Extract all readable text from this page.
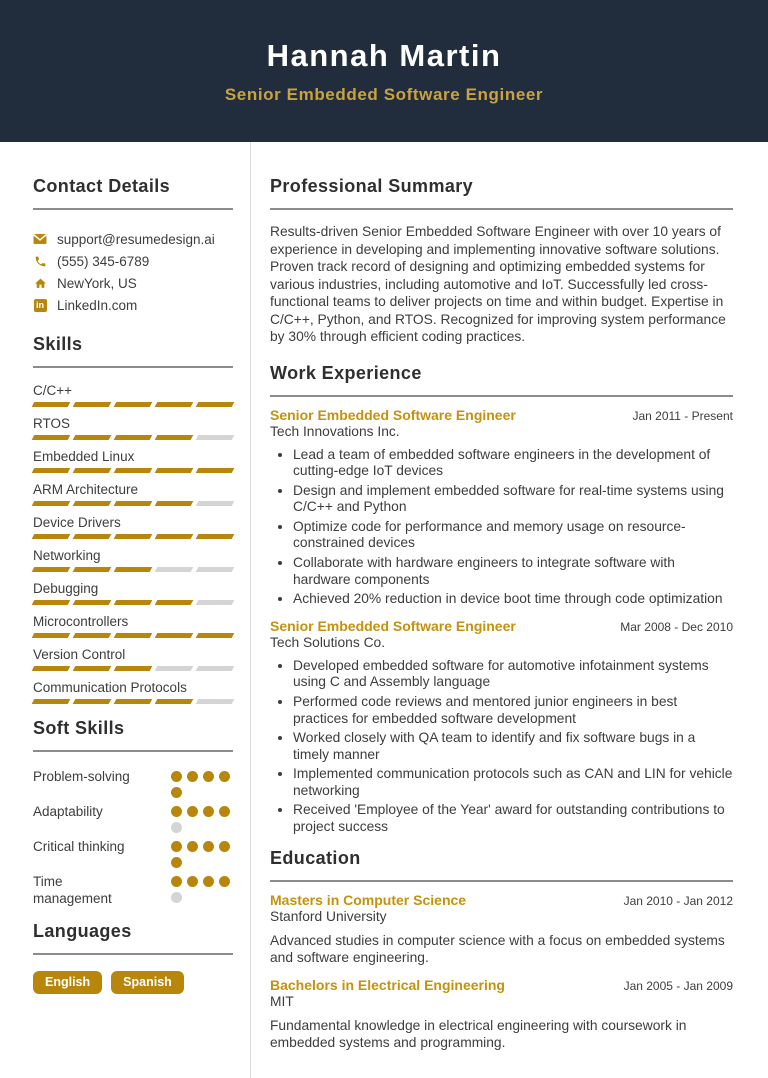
Hannah Martin
Senior Embedded Software Engineer
Contact Details
support@resumedesign.ai
(555) 345-6789
NewYork, US
in LinkedIn.com
Skills
C/C++
RTOS
Embedded Linux
ARM Architecture
Device Drivers
Networking
Debugging
Microcontrollers
Version Control
Communication Protocols
Soft Skills
Problem-solving
Adaptability
Critical thinking
Time management
Languages
English	Spanish
Professional Summary

Results-driven Senior Embedded Software Engineer with over 10 years of experience in developing and implementing innovative software solutions. Proven track record of designing and optimizing embedded systems for various industries, including automotive and IoT. Successfully led cross-functional teams to deliver projects on time and within budget. Expertise in C/C++, Python, and RTOS. Recognized for improving system performance by 30% through efficient coding practices.

Work Experience
Senior Embedded Software Engineer	Jan 2011 - Present
Tech Innovations Inc.
• Lead a team of embedded software engineers in the development of cutting-edge IoT devices
• Design and implement embedded software for real-time systems using C/C++ and Python
• Optimize code for performance and memory usage on resource-constrained devices
• Collaborate with hardware engineers to integrate software with hardware components
• Achieved 20% reduction in device boot time through code optimization
Senior Embedded Software Engineer	Mar 2008 - Dec 2010
Tech Solutions Co.
• Developed embedded software for automotive infotainment systems using C and Assembly language
• Performed code reviews and mentored junior engineers in best practices for embedded software development
• Worked closely with QA team to identify and fix software bugs in a timely manner
• Implemented communication protocols such as CAN and LIN for vehicle networking
• Received 'Employee of the Year' award for outstanding contributions to project success
Education
Masters in Computer Science	Jan 2010 - Jan 2012
Stanford University

Advanced studies in computer science with a focus on embedded systems and software engineering.

Bachelors in Electrical Engineering	Jan 2005 - Jan 2009
MIT

Fundamental knowledge in electrical engineering with coursework in embedded systems and programming.
